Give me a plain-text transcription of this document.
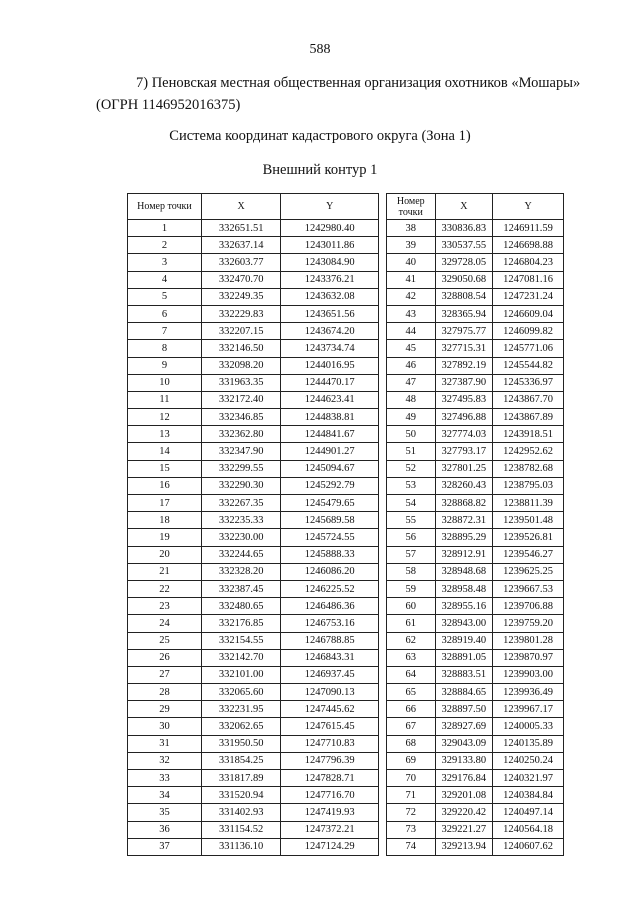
588
7) Пеновская местная общественная организация охотников «Мошары»
(ОГРН 1146952016375)
Система координат кадастрового округа (Зона 1)
Внешний контур 1
Номер точки	X	Y
1	332651.51	1242980.40
2	332637.14	1243011.86
3	332603.77	1243084.90
4	332470.70	1243376.21
5	332249.35	1243632.08
6	332229.83	1243651.56
7	332207.15	1243674.20
8	332146.50	1243734.74
9	332098.20	1244016.95
10	331963.35	1244470.17
11	332172.40	1244623.41
12	332346.85	1244838.81
13	332362.80	1244841.67
14	332347.90	1244901.27
15	332299.55	1245094.67
16	332290.30	1245292.79
17	332267.35	1245479.65
18	332235.33	1245689.58
19	332230.00	1245724.55
20	332244.65	1245888.33
21	332328.20	1246086.20
22	332387.45	1246225.52
23	332480.65	1246486.36
24	332176.85	1246753.16
25	332154.55	1246788.85
26	332142.70	1246843.31
27	332101.00	1246937.45
28	332065.60	1247090.13
29	332231.95	1247445.62
30	332062.65	1247615.45
31	331950.50	1247710.83
32	331854.25	1247796.39
33	331817.89	1247828.71
34	331520.94	1247716.70
35	331402.93	1247419.93
36	331154.52	1247372.21
37	331136.10	1247124.29
Номер точки	X	Y
38	330836.83	1246911.59
39	330537.55	1246698.88
40	329728.05	1246804.23
41	329050.68	1247081.16
42	328808.54	1247231.24
43	328365.94	1246609.04
44	327975.77	1246099.82
45	327715.31	1245771.06
46	327892.19	1245544.82
47	327387.90	1245336.97
48	327495.83	1243867.70
49	327496.88	1243867.89
50	327774.03	1243918.51
51	327793.17	1242952.62
52	327801.25	1238782.68
53	328260.43	1238795.03
54	328868.82	1238811.39
55	328872.31	1239501.48
56	328895.29	1239526.81
57	328912.91	1239546.27
58	328948.68	1239625.25
59	328958.48	1239667.53
60	328955.16	1239706.88
61	328943.00	1239759.20
62	328919.40	1239801.28
63	328891.05	1239870.97
64	328883.51	1239903.00
65	328884.65	1239936.49
66	328897.50	1239967.17
67	328927.69	1240005.33
68	329043.09	1240135.89
69	329133.80	1240250.24
70	329176.84	1240321.97
71	329201.08	1240384.84
72	329220.42	1240497.14
73	329221.27	1240564.18
74	329213.94	1240607.62
